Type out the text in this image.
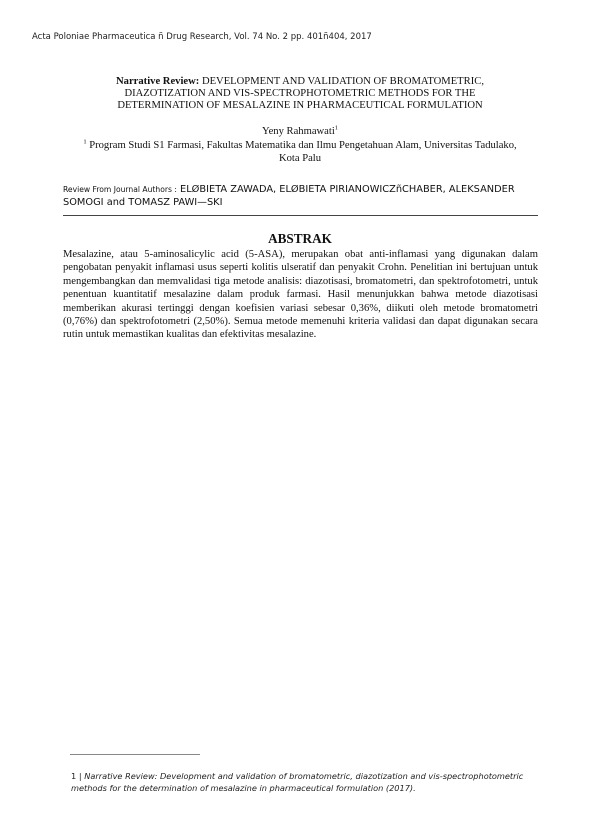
Acta Poloniae Pharmaceutica ñ Drug Research, Vol. 74 No. 2 pp. 401ñ404, 2017
Narrative Review: DEVELOPMENT AND VALIDATION OF BROMATOMETRIC,
DIAZOTIZATION AND VIS-SPECTROPHOTOMETRIC METHODS FOR THE
DETERMINATION OF MESALAZINE IN PHARMACEUTICAL FORMULATION
Yeny Rahmawati$^1$
$^1$ Program Studi S1 Farmasi, Fakultas Matematika dan Ilmu Pengetahuan Alam, Universitas Tadulako, Kota Palu
Review From Journal Authors : ELØBIETA ZAWADA, ELØBIETA PIRIANOWICZñCHABER, ALEKSANDER SOMOGI and TOMASZ PAWI—SKI
ABSTRAK

Mesalazine, atau 5-aminosalicylic acid (5-ASA), merupakan obat anti-inflamasi yang digunakan dalam pengobatan penyakit inflamasi usus seperti kolitis ulseratif dan penyakit Crohn. Penelitian ini bertujuan untuk mengembangkan dan memvalidasi tiga metode analisis: diazotisasi, bromatometri, dan spektrofotometri, untuk penentuan kuantitatif mesalazine dalam produk farmasi. Hasil menunjukkan bahwa metode diazotisasi memberikan akurasi tertinggi dengan koefisien variasi sebesar 0,36%, diikuti oleh metode bromatometri (0,76%) dan spektrofotometri (2,50%). Semua metode memenuhi kriteria validasi dan dapat digunakan secara rutin untuk memastikan kualitas dan efektivitas mesalazine.

1 | Narrative Review: Development and validation of bromatometric, diazotization and vis-spectrophotometric methods for the determination of mesalazine in pharmaceutical formulation (2017).
